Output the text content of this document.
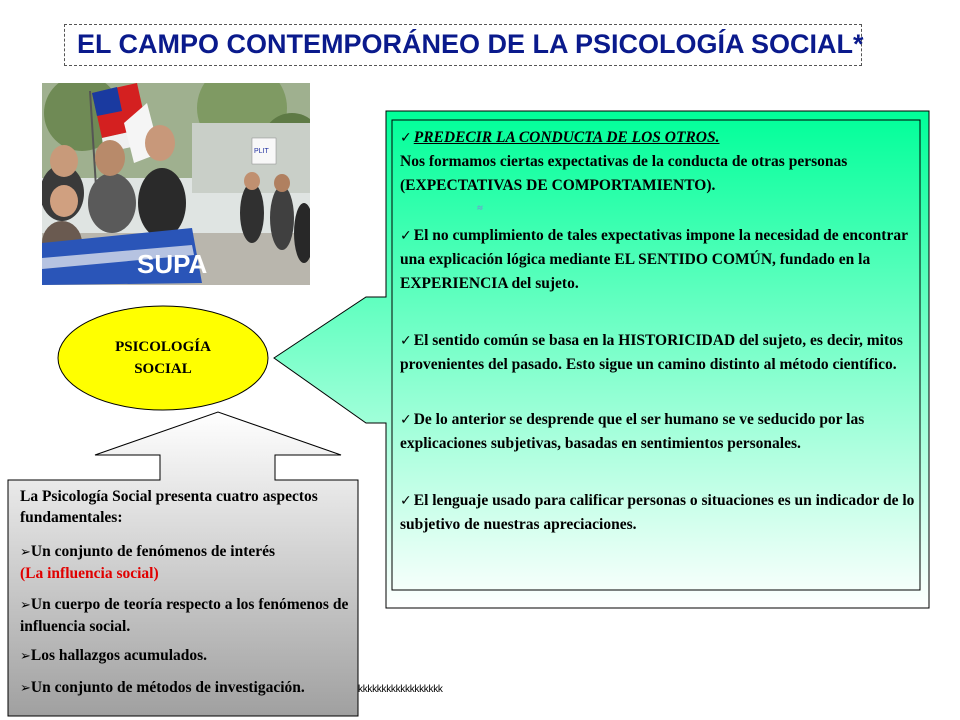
EL CAMPO CONTEMPORÁNEO DE LA PSICOLOGÍA SOCIAL*
SUPA
PLIT
PSICOLOGÍA
SOCIAL

✓ PREDECIR LA CONDUCTA DE LOS OTROS.

Nos formamos ciertas expectativas de la conducta de otras personas (EXPECTATIVAS DE COMPORTAMIENTO).

≈

✓ El no cumplimiento de tales expectativas impone la necesidad de encontrar una explicación lógica mediante EL SENTIDO COMÚN, fundado en la EXPERIENCIA del sujeto.

✓ El sentido común se basa en la HISTORICIDAD del sujeto, es decir, mitos provenientes del pasado. Esto sigue un camino distinto al método científico.

✓ De lo anterior se desprende que el ser humano se ve seducido por las explicaciones subjetivas, basadas en sentimientos personales.

✓ El lenguaje usado para calificar personas o situaciones es un indicador de lo subjetivo de nuestras apreciaciones.

La Psicología Social presenta cuatro aspectos fundamentales:

➢Un conjunto de fenómenos de interés
(La influencia social)

➢Un cuerpo de teoría respecto a los fenómenos de influencia social.

➢Los hallazgos acumulados.

➢Un conjunto de métodos de investigación.	kkkkkkkkkkkkkkkkkk
